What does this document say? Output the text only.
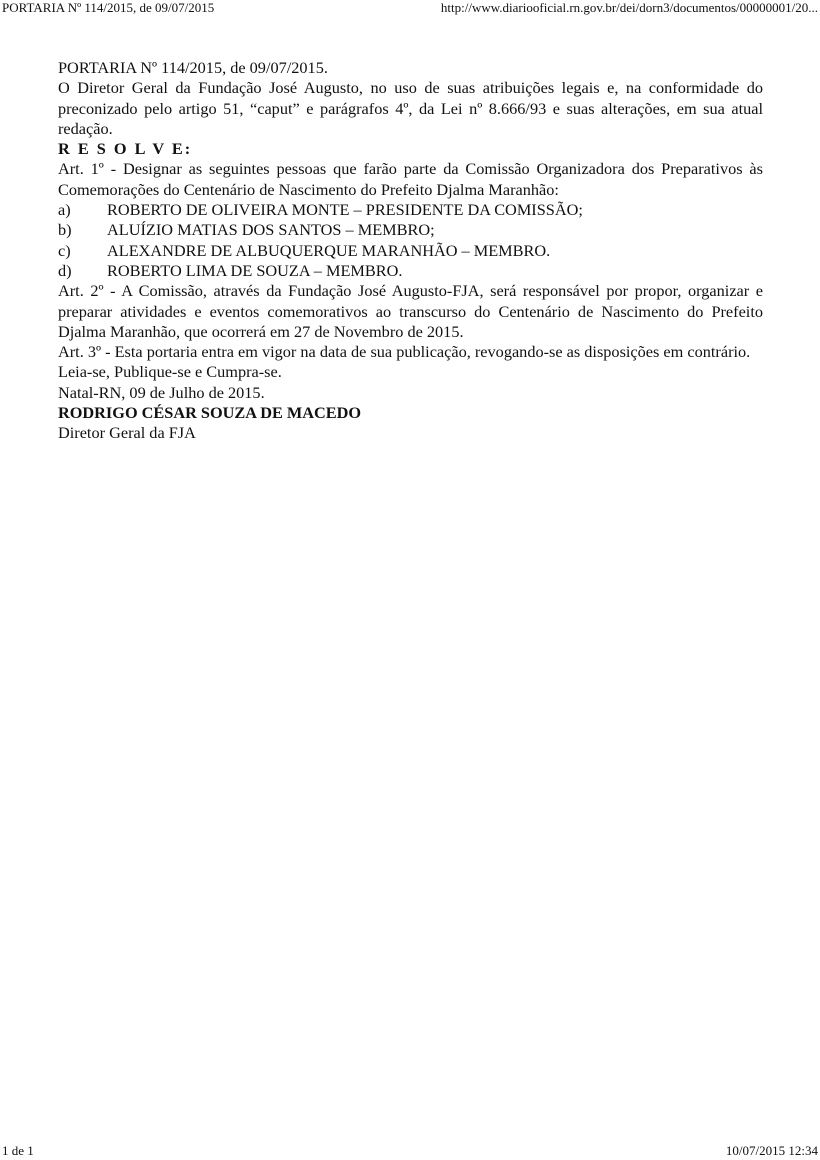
PORTARIA Nº 114/2015, de 09/07/2015	http://www.diariooficial.rn.gov.br/dei/dorn3/documentos/00000001/20...

PORTARIA Nº 114/2015, de 09/07/2015.

O Diretor Geral da Fundação José Augusto, no uso de suas atribuições legais e, na conformidade do preconizado pelo artigo 51, “caput” e parágrafos 4º, da Lei nº 8.666/93 e suas alterações, em sua atual redação.

R E S O L V E:

Art. 1º - Designar as seguintes pessoas que farão parte da Comissão Organizadora dos Preparativos às Comemorações do Centenário de Nascimento do Prefeito Djalma Maranhão:

a)	ROBERTO DE OLIVEIRA MONTE – PRESIDENTE DA COMISSÃO;
b)	ALUÍZIO MATIAS DOS SANTOS – MEMBRO;
c)	ALEXANDRE DE ALBUQUERQUE MARANHÃO – MEMBRO.
d)	ROBERTO LIMA DE SOUZA – MEMBRO.

Art. 2º - A Comissão, através da Fundação José Augusto-FJA, será responsável por propor, organizar e preparar atividades e eventos comemorativos ao transcurso do Centenário de Nascimento do Prefeito Djalma Maranhão, que ocorrerá em 27 de Novembro de 2015.

Art. 3º - Esta portaria entra em vigor na data de sua publicação, revogando-se as disposições em contrário.

Leia-se, Publique-se e Cumpra-se.

Natal-RN, 09 de Julho de 2015.

RODRIGO CÉSAR SOUZA DE MACEDO

Diretor Geral da FJA

1 de 1	10/07/2015 12:34
